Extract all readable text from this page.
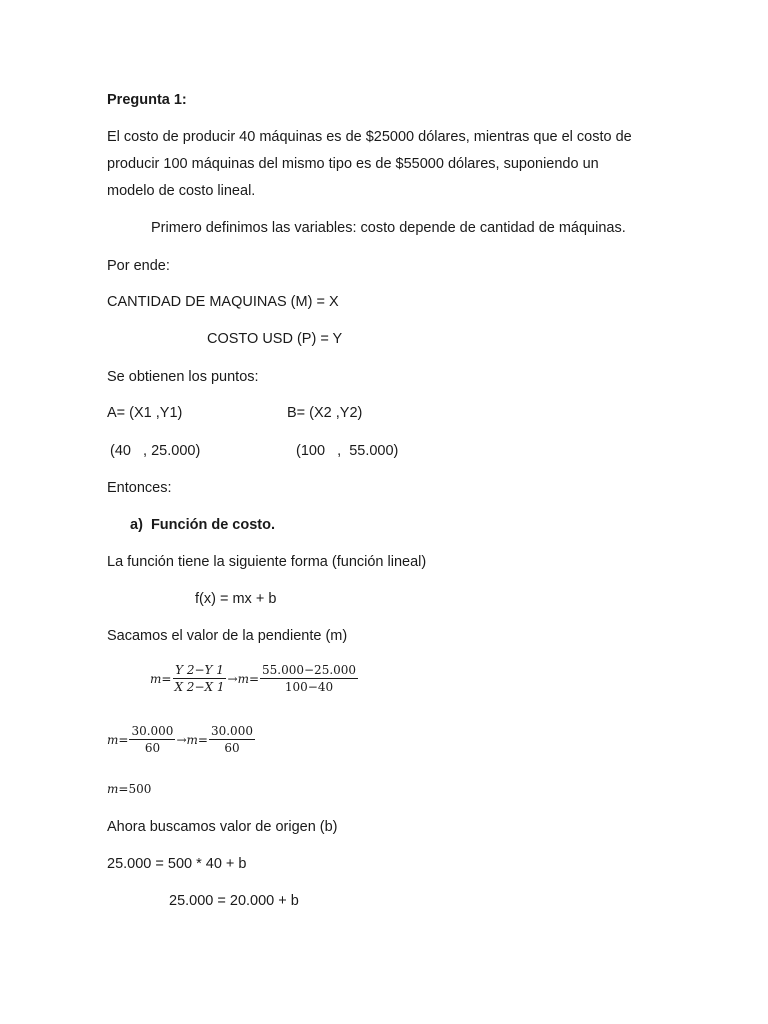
Pregunta 1:
El costo de producir 40 máquinas es de $25000 dólares, mientras que el costo de
producir 100 máquinas del mismo tipo es de $55000 dólares, suponiendo un
modelo de costo lineal.
Primero definimos las variables: costo depende de cantidad de máquinas.
Por ende:
CANTIDAD DE MAQUINAS (M) = X
COSTO USD (P) = Y
Se obtienen los puntos:
A= (X1 ,Y1)	B= (X2 ,Y2)
(40   , 25.000)	(100   ,  55.000)
Entonces:
a)  Función de costo.
La función tiene la siguiente forma (función lineal)
f(x) = mx + b
Sacamos el valor de la pendiente (m)
$m = \frac{Y 2-Y 1}{X 2-X 1} \to m = \frac{55.000-25.000}{100-40}$
$m = \frac{30.000}{60} \to m = \frac{30.000}{60}$
m =500
Ahora buscamos valor de origen (b)
25.000 = 500 * 40 + b
25.000 = 20.000 + b
